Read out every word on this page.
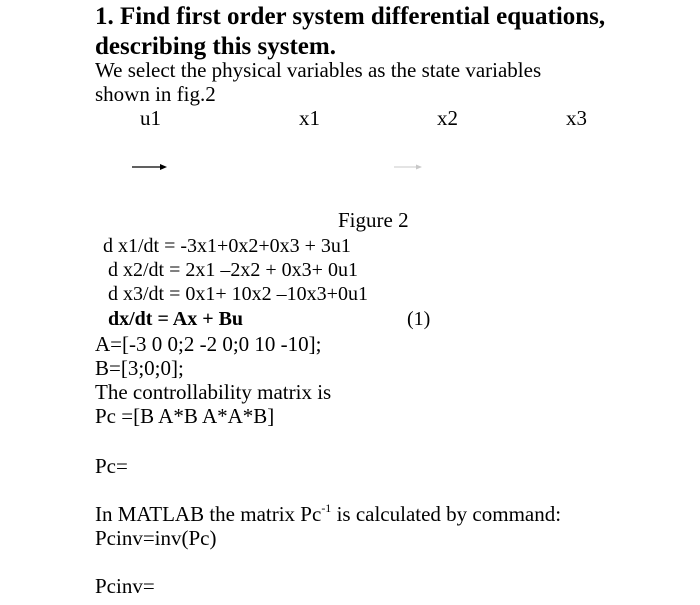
1. Find first order system differential equations,
describing this system.
We select the physical variables as the state variables
shown in fig.2
u1	x1	x2	x3
Figure 2
d x1/dt = -3x1+0x2+0x3 + 3u1
d x2/dt = 2x1 –2x2 + 0x3+ 0u1
d x3/dt = 0x1+ 10x2 –10x3+0u1
dx/dt = Ax + Bu	(1)
A=[-3 0 0;2 -2 0;0 10 -10];
B=[3;0;0];
The controllability matrix is
Pc =[B A*B A*A*B]
Pc=
In MATLAB the matrix $Pc^{-1}$ is calculated by command:
Pcinv=inv(Pc)
Pcinv=
